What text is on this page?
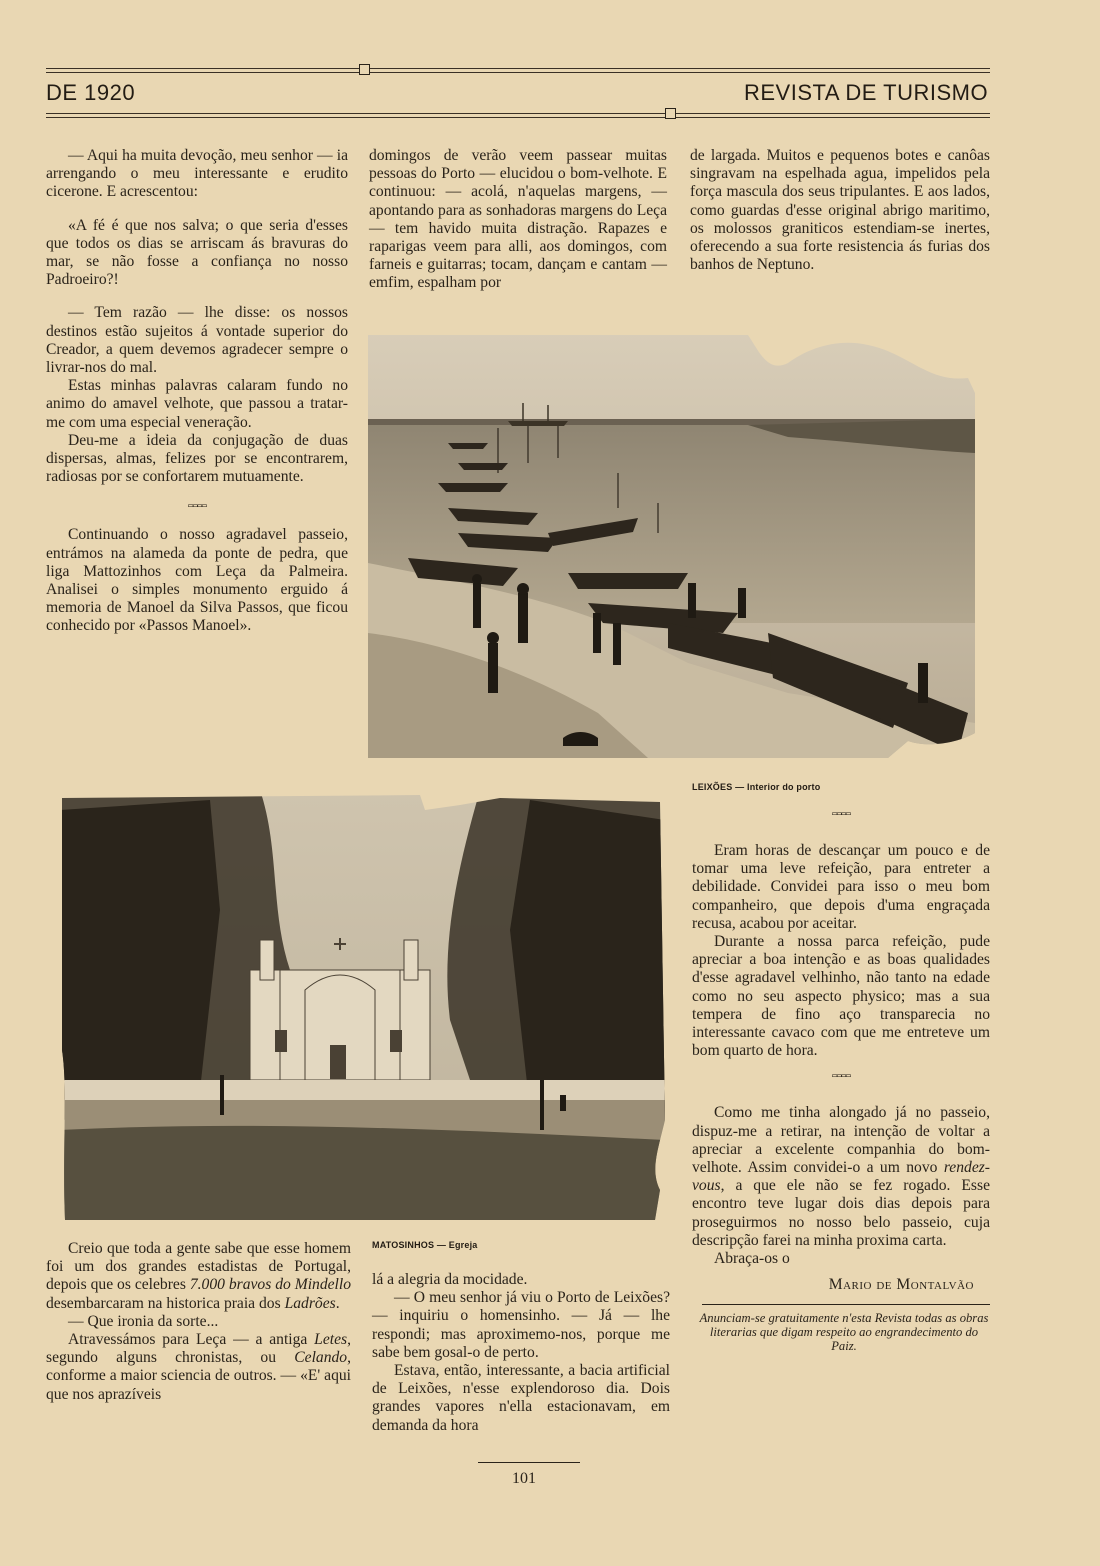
DE 1920	REVISTA DE TURISMO

— Aqui ha muita devoção, meu senhor — ia arrengando o meu interessante e erudito cicerone. E acrescentou:

«A fé é que nos salva; o que seria d'esses que todos os dias se arriscam ás bravuras do mar, se não fosse a confiança no nosso Padroeiro?!

— Tem razão — lhe disse: os nossos destinos estão sujeitos á vontade superior do Creador, a quem devemos agradecer sempre o livrar-nos do mal.

Estas minhas palavras calaram fundo no animo do amavel velhote, que passou a tratar-me com uma especial veneração.

Deu-me a ideia da conjugação de duas dispersas, almas, felizes por se encontrarem, radiosas por se confortarem mutuamente.

▭▭▭▭

Continuando o nosso agradavel passeio, entrámos na alameda da ponte de pedra, que liga Mattozinhos com Leça da Palmeira. Analisei o simples monumento erguido á memoria de Manoel da Silva Passos, que ficou conhecido por «Passos Manoel».

domingos de verão veem passear muitas pessoas do Porto — elucidou o bom-velhote. E continuou: — acolá, n'aquelas margens, — apontando para as sonhadoras margens do Leça — tem havido muita distração. Rapazes e raparigas veem para alli, aos domingos, com farneis e guitarras; tocam, dançam e cantam — emfim, espalham por

de largada. Muitos e pequenos botes e canôas singravam na espelhada agua, impelidos pela força mascula dos seus tripulantes. E aos lados, como guardas d'esse original abrigo maritimo, os molossos graniticos estendiam-se inertes, oferecendo a sua forte resistencia ás furias dos banhos de Neptuno.

LEIXÕES — Interior do porto
MATOSINHOS — Egreja
▭▭▭▭

Eram horas de descançar um pouco e de tomar uma leve refeição, para entreter a debilidade. Convidei para isso o meu bom companheiro, que depois d'uma engraçada recusa, acabou por aceitar.

Durante a nossa parca refeição, pude apreciar a boa intenção e as boas qualidades d'esse agradavel velhinho, não tanto na edade como no seu aspecto physico; mas a sua tempera de fino aço transparecia no interessante cavaco com que me entreteve um bom quarto de hora.

▭▭▭▭

Como me tinha alongado já no passeio, dispuz-me a retirar, na intenção de voltar a apreciar a excelente companhia do bom-velhote. Assim convidei-o a um novo rendez-vous, a que ele não se fez rogado. Esse encontro teve lugar dois dias depois para proseguirmos no nosso belo passeio, cuja descripção farei na minha proxima carta.

Abraça-os o

Mario de Montalvão

Anunciam-se gratuitamente n'esta Revista todas as obras literarias que digam respeito ao engrandecimento do Paiz.

Creio que toda a gente sabe que esse homem foi um dos grandes estadistas de Portugal, depois que os celebres 7.000 bravos do Mindello desembarcaram na historica praia dos Ladrões.

— Que ironia da sorte...

Atravessámos para Leça — a antiga Letes, segundo alguns chronistas, ou Celando, conforme a maior sciencia de outros. — «E' aqui que nos aprazíveis

lá a alegria da mocidade.

— O meu senhor já viu o Porto de Leixões? — inquiriu o homensinho. — Já — lhe respondi; mas aproximemo-nos, porque me sabe bem gosal-o de perto.

Estava, então, interessante, a bacia artificial de Leixões, n'esse explendoroso dia. Dois grandes vapores n'ella estacionavam, em demanda da hora

101
